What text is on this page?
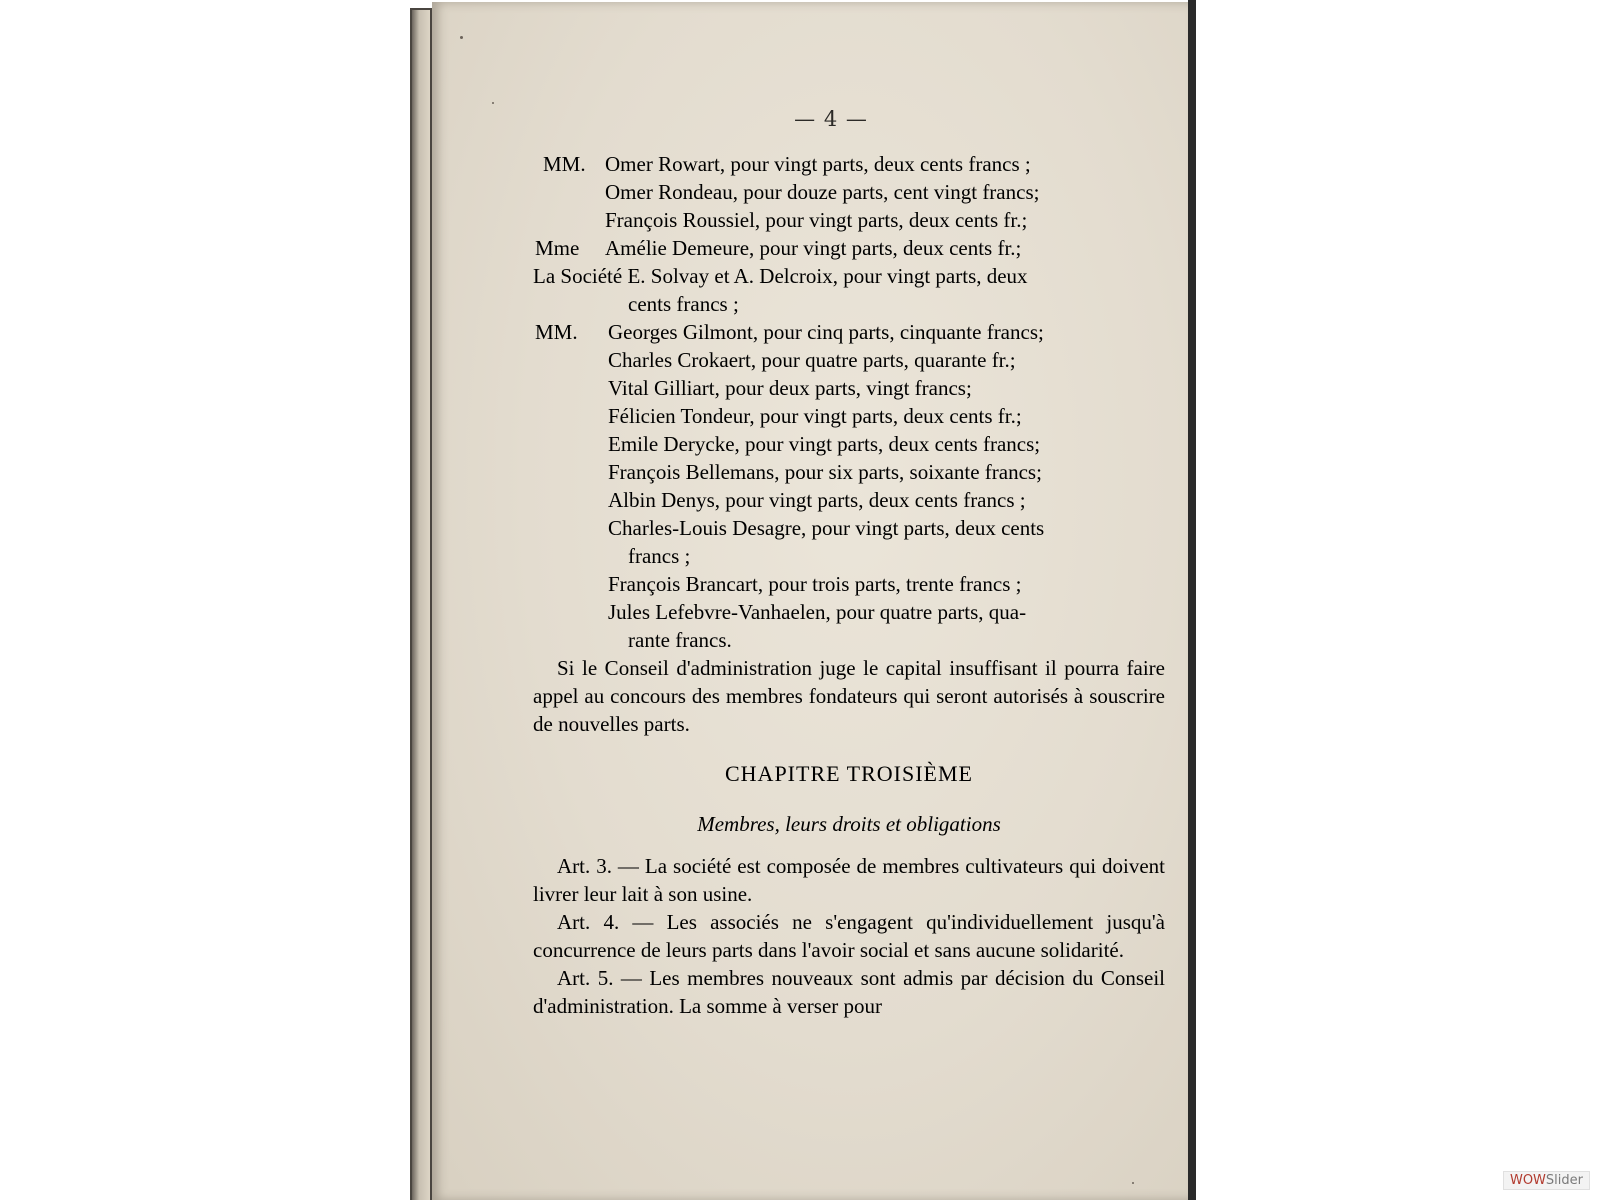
— 4 —
MM. Omer Rowart, pour vingt parts, deux cents francs ;
Omer Rondeau, pour douze parts, cent vingt francs;
François Roussiel, pour vingt parts, deux cents fr.;
Mme Amélie Demeure, pour vingt parts, deux cents fr.;
La Société E. Solvay et A. Delcroix, pour vingt parts, deux
cents francs ;
MM. Georges Gilmont, pour cinq parts, cinquante francs;
Charles Crokaert, pour quatre parts, quarante fr.;
Vital Gilliart, pour deux parts, vingt francs;
Félicien Tondeur, pour vingt parts, deux cents fr.;
Emile Derycke, pour vingt parts, deux cents francs;
François Bellemans, pour six parts, soixante francs;
Albin Denys, pour vingt parts, deux cents francs ;
Charles-Louis Desagre, pour vingt parts, deux cents
francs ;
François Brancart, pour trois parts, trente francs ;
Jules Lefebvre-Vanhaelen, pour quatre parts, qua-
rante francs.
Si le Conseil d'administration juge le capital insuffisant il pourra faire appel au concours des membres fondateurs qui seront autorisés à souscrire de nouvelles parts.
CHAPITRE TROISIÈME
Membres, leurs droits et obligations
Art. 3. — La société est composée de membres cultivateurs qui doivent livrer leur lait à son usine.
Art. 4. — Les associés ne s'engagent qu'individuellement jusqu'à concurrence de leurs parts dans l'avoir social et sans aucune solidarité.
Art. 5. — Les membres nouveaux sont admis par décision du Conseil d'administration. La somme à verser pour
WOWSlider
